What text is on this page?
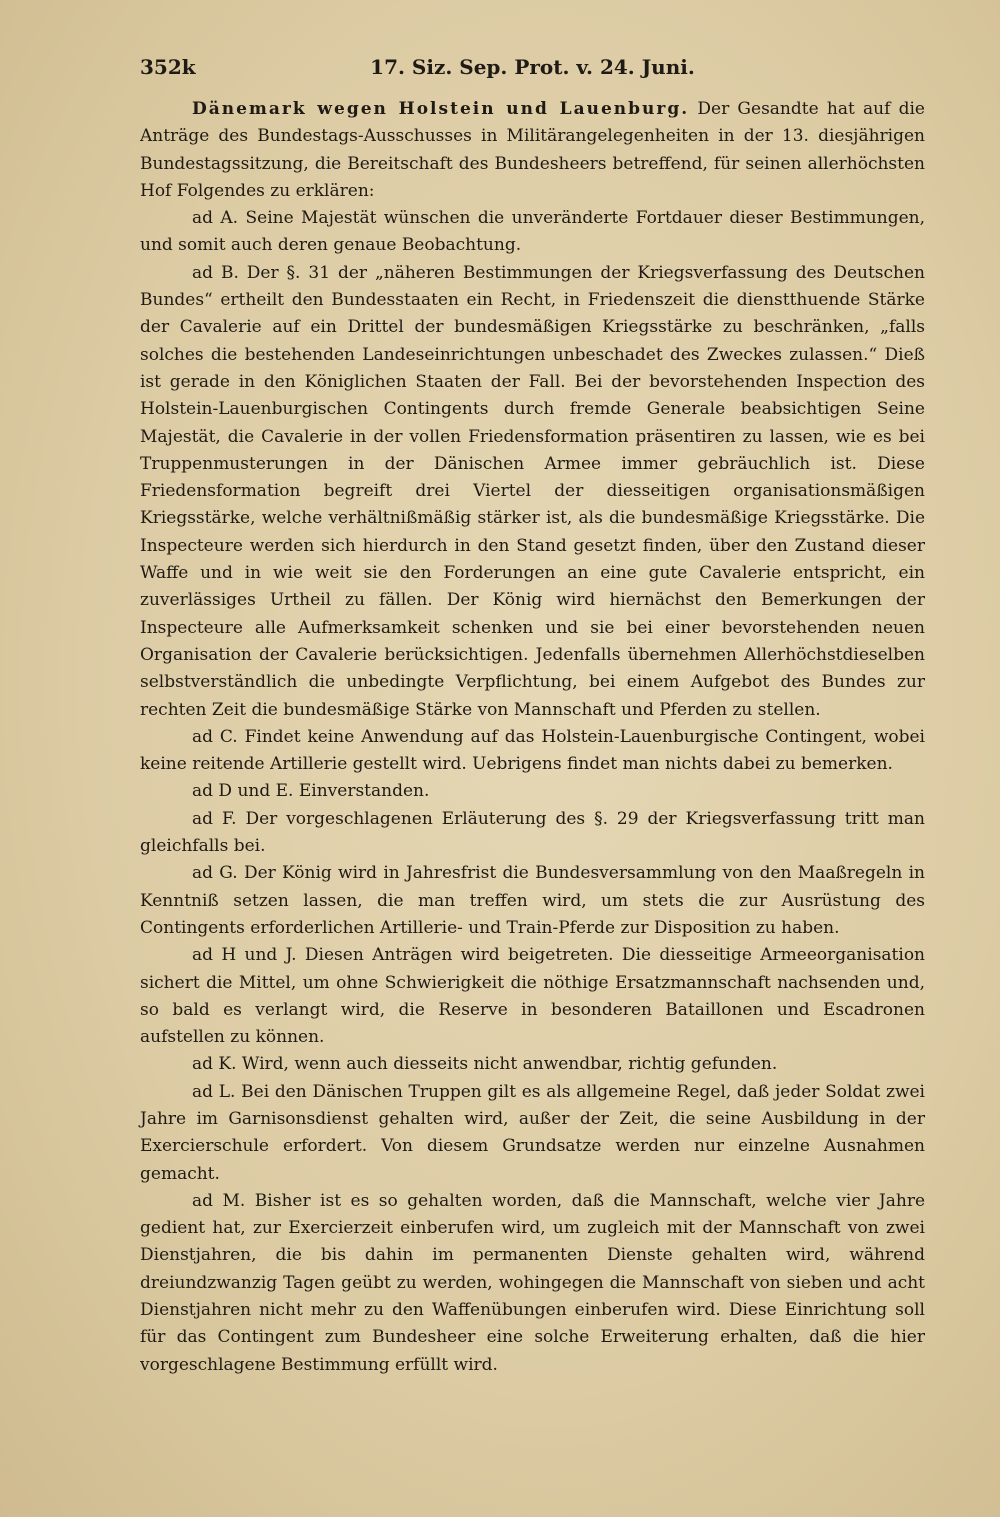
352k	17. Siz. Sep. Prot. v. 24. Juni.

Dänemark wegen Holstein und Lauenburg. Der Gesandte hat auf die Anträge des Bundestags-Ausschusses in Militärangelegenheiten in der 13. diesjährigen Bundestagssitzung, die Bereitschaft des Bundesheers betreffend, für seinen allerhöchsten Hof Folgendes zu erklären:

ad A. Seine Majestät wünschen die unveränderte Fortdauer dieser Bestimmungen, und somit auch deren genaue Beobachtung.

ad B. Der §. 31 der „näheren Bestimmungen der Kriegsverfassung des Deutschen Bundes“ ertheilt den Bundesstaaten ein Recht, in Friedenszeit die dienstthuende Stärke der Cavalerie auf ein Drittel der bundesmäßigen Kriegsstärke zu beschränken, „falls solches die bestehenden Landeseinrichtungen unbeschadet des Zweckes zulassen.“ Dieß ist gerade in den Königlichen Staaten der Fall. Bei der bevorstehenden Inspection des Holstein-Lauenburgischen Contingents durch fremde Generale beabsichtigen Seine Majestät, die Cavalerie in der vollen Friedensformation präsentiren zu lassen, wie es bei Truppenmusterungen in der Dänischen Armee immer gebräuchlich ist. Diese Friedensformation begreift drei Viertel der diesseitigen organisationsmäßigen Kriegsstärke, welche verhältnißmäßig stärker ist, als die bundesmäßige Kriegsstärke. Die Inspecteure werden sich hierdurch in den Stand gesetzt finden, über den Zustand dieser Waffe und in wie weit sie den Forderungen an eine gute Cavalerie entspricht, ein zuverlässiges Urtheil zu fällen. Der König wird hiernächst den Bemerkungen der Inspecteure alle Aufmerksamkeit schenken und sie bei einer bevorstehenden neuen Organisation der Cavalerie berücksichtigen. Jedenfalls übernehmen Allerhöchstdieselben selbstverständlich die unbedingte Verpflichtung, bei einem Aufgebot des Bundes zur rechten Zeit die bundesmäßige Stärke von Mannschaft und Pferden zu stellen.

ad C. Findet keine Anwendung auf das Holstein-Lauenburgische Contingent, wobei keine reitende Artillerie gestellt wird. Uebrigens findet man nichts dabei zu bemerken.

ad D und E. Einverstanden.

ad F. Der vorgeschlagenen Erläuterung des §. 29 der Kriegsverfassung tritt man gleichfalls bei.

ad G. Der König wird in Jahresfrist die Bundesversammlung von den Maaßregeln in Kenntniß setzen lassen, die man treffen wird, um stets die zur Ausrüstung des Contingents erforderlichen Artillerie- und Train-Pferde zur Disposition zu haben.

ad H und J. Diesen Anträgen wird beigetreten. Die diesseitige Armeeorganisation sichert die Mittel, um ohne Schwierigkeit die nöthige Ersatzmannschaft nachsenden und, so bald es verlangt wird, die Reserve in besonderen Bataillonen und Escadronen aufstellen zu können.

ad K. Wird, wenn auch diesseits nicht anwendbar, richtig gefunden.

ad L. Bei den Dänischen Truppen gilt es als allgemeine Regel, daß jeder Soldat zwei Jahre im Garnisonsdienst gehalten wird, außer der Zeit, die seine Ausbildung in der Exercierschule erfordert. Von diesem Grundsatze werden nur einzelne Ausnahmen gemacht.

ad M. Bisher ist es so gehalten worden, daß die Mannschaft, welche vier Jahre gedient hat, zur Exercierzeit einberufen wird, um zugleich mit der Mannschaft von zwei Dienstjahren, die bis dahin im permanenten Dienste gehalten wird, während dreiundzwanzig Tagen geübt zu werden, wohingegen die Mannschaft von sieben und acht Dienstjahren nicht mehr zu den Waffenübungen einberufen wird. Diese Einrichtung soll für das Contingent zum Bundesheer eine solche Erweiterung erhalten, daß die hier vorgeschlagene Bestimmung erfüllt wird.
